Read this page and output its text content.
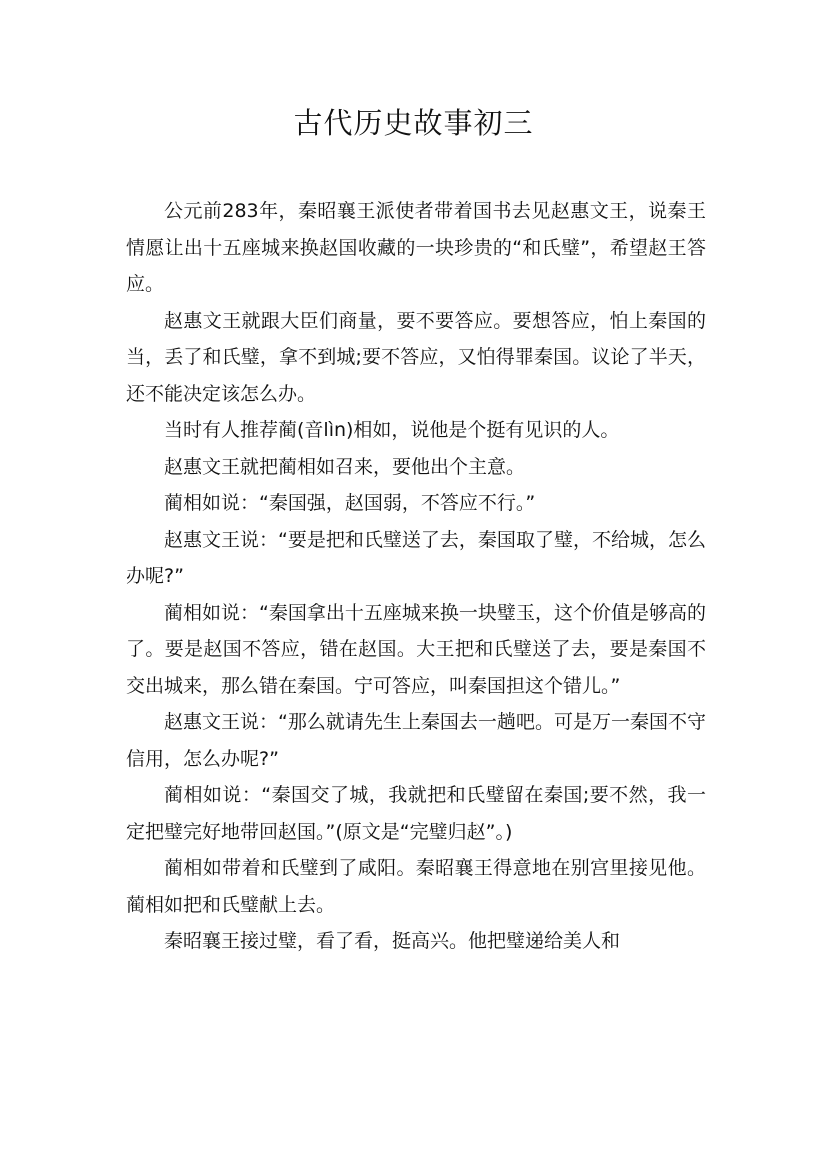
古代历史故事初三

公元前283年，秦昭襄王派使者带着国书去见赵惠文王，说秦王情愿让出十五座城来换赵国收藏的一块珍贵的“和氏璧”，希望赵王答应。

赵惠文王就跟大臣们商量，要不要答应。要想答应，怕上秦国的当，丢了和氏璧，拿不到城;要不答应，又怕得罪秦国。议论了半天，还不能决定该怎么办。

当时有人推荐蔺(音lìn)相如，说他是个挺有见识的人。

赵惠文王就把蔺相如召来，要他出个主意。

蔺相如说：“秦国强，赵国弱，不答应不行。”

赵惠文王说：“要是把和氏璧送了去，秦国取了璧，不给城，怎么办呢?”

蔺相如说：“秦国拿出十五座城来换一块璧玉，这个价值是够高的了。要是赵国不答应，错在赵国。大王把和氏璧送了去，要是秦国不交出城来，那么错在秦国。宁可答应，叫秦国担这个错儿。”

赵惠文王说：“那么就请先生上秦国去一趟吧。可是万一秦国不守信用，怎么办呢?”

蔺相如说：“秦国交了城，我就把和氏璧留在秦国;要不然，我一定把璧完好地带回赵国。”(原文是“完璧归赵”。)

蔺相如带着和氏璧到了咸阳。秦昭襄王得意地在别宫里接见他。蔺相如把和氏璧献上去。

秦昭襄王接过璧，看了看，挺高兴。他把璧递给美人和
